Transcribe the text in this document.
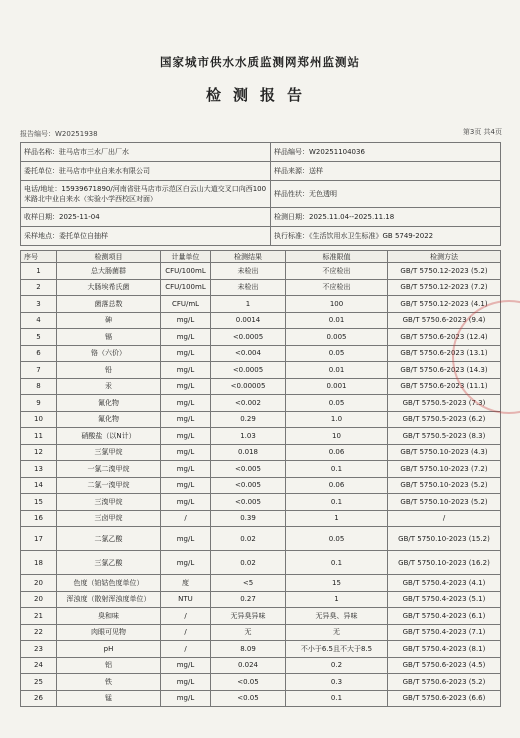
国家城市供水水质监测网郑州监测站
检测报告
报告编号：W20251938	第3页 共4页
样品名称：驻马店市三水厂出厂水	样品编号：W20251104036
委托单位：驻马店市中业自来水有限公司	样品来源：送样
电话/地址：15939671890/河南省驻马店市示范区白云山大道交叉口向西100米路北中业自来水（实验小学西校区对面）	样品性状：无色透明
收样日期：2025-11-04	检测日期：2025.11.04--2025.11.18
采样地点：委托单位自抽样	执行标准：《生活饮用水卫生标准》GB 5749-2022
序号	检测项目	计量单位	检测结果	标准限值	检测方法
1	总大肠菌群	CFU/100mL	未检出	不应检出	GB/T 5750.12-2023 (5.2)
2	大肠埃希氏菌	CFU/100mL	未检出	不应检出	GB/T 5750.12-2023 (7.2)
3	菌落总数	CFU/mL	1	100	GB/T 5750.12-2023 (4.1)
4	砷	mg/L	0.0014	0.01	GB/T 5750.6-2023 (9.4)
5	镉	mg/L	<0.0005	0.005	GB/T 5750.6-2023 (12.4)
6	铬（六价）	mg/L	<0.004	0.05	GB/T 5750.6-2023 (13.1)
7	铅	mg/L	<0.0005	0.01	GB/T 5750.6-2023 (14.3)
8	汞	mg/L	<0.00005	0.001	GB/T 5750.6-2023 (11.1)
9	氰化物	mg/L	<0.002	0.05	GB/T 5750.5-2023 (7.3)
10	氟化物	mg/L	0.29	1.0	GB/T 5750.5-2023 (6.2)
11	硝酸盐（以N计）	mg/L	1.03	10	GB/T 5750.5-2023 (8.3)
12	三氯甲烷	mg/L	0.018	0.06	GB/T 5750.10-2023 (4.3)
13	一氯二溴甲烷	mg/L	<0.005	0.1	GB/T 5750.10-2023 (7.2)
14	二氯一溴甲烷	mg/L	<0.005	0.06	GB/T 5750.10-2023 (5.2)
15	三溴甲烷	mg/L	<0.005	0.1	GB/T 5750.10-2023 (5.2)
16	三卤甲烷	/	0.39	1	/
17	二氯乙酸	mg/L	0.02	0.05	GB/T 5750.10-2023 (15.2)
18	三氯乙酸	mg/L	0.02	0.1	GB/T 5750.10-2023 (16.2)
20	色度（铂钴色度单位）	度	<5	15	GB/T 5750.4-2023 (4.1)
20	浑浊度（散射浑浊度单位）	NTU	0.27	1	GB/T 5750.4-2023 (5.1)
21	臭和味	/	无异臭异味	无异臭、异味	GB/T 5750.4-2023 (6.1)
22	肉眼可见物	/	无	无	GB/T 5750.4-2023 (7.1)
23	pH	/	8.09	不小于6.5且不大于8.5	GB/T 5750.4-2023 (8.1)
24	铝	mg/L	0.024	0.2	GB/T 5750.6-2023 (4.5)
25	铁	mg/L	<0.05	0.3	GB/T 5750.6-2023 (5.2)
26	锰	mg/L	<0.05	0.1	GB/T 5750.6-2023 (6.6)
